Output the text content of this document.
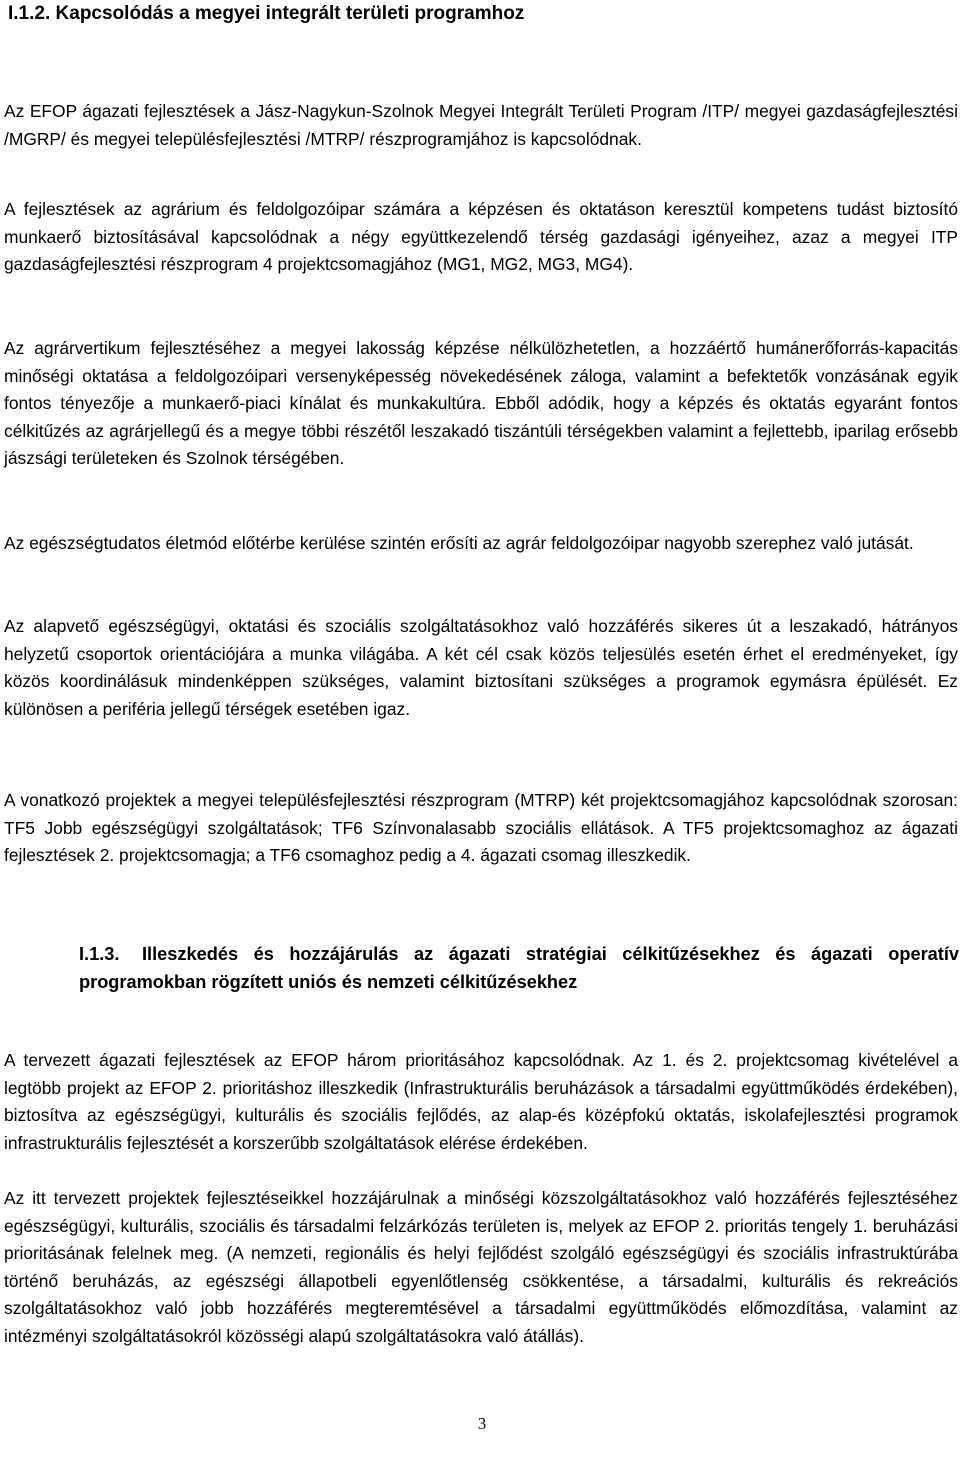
I.1.2. Kapcsolódás a megyei integrált területi programhoz

Az EFOP ágazati fejlesztések a Jász-Nagykun-Szolnok Megyei Integrált Területi Program /ITP/ megyei gazdaságfejlesztési /MGRP/ és megyei településfejlesztési /MTRP/ részprogramjához is kapcsolódnak.

A fejlesztések az agrárium és feldolgozóipar számára a képzésen és oktatáson keresztül kompetens tudást biztosító munkaerő biztosításával kapcsolódnak a négy együttkezelendő térség gazdasági igényeihez, azaz a megyei ITP gazdaságfejlesztési részprogram 4 projektcsomagjához (MG1, MG2, MG3, MG4).

Az agrárvertikum fejlesztéséhez a megyei lakosság képzése nélkülözhetetlen, a hozzáértő humánerőforrás-kapacitás minőségi oktatása a feldolgozóipari versenyképesség növekedésének záloga, valamint a befektetők vonzásának egyik fontos tényezője a munkaerő-piaci kínálat és munkakultúra. Ebből adódik, hogy a képzés és oktatás egyaránt fontos célkitűzés az agrárjellegű és a megye többi részétől leszakadó tiszántúli térségekben valamint a fejlettebb, iparilag erősebb jászsági területeken és Szolnok térségében.

Az egészségtudatos életmód előtérbe kerülése szintén erősíti az agrár feldolgozóipar nagyobb szerephez való jutását.

Az alapvető egészségügyi, oktatási és szociális szolgáltatásokhoz való hozzáférés sikeres út a leszakadó, hátrányos helyzetű csoportok orientációjára a munka világába. A két cél csak közös teljesülés esetén érhet el eredményeket, így közös koordinálásuk mindenképpen szükséges, valamint biztosítani szükséges a programok egymásra épülését. Ez különösen a periféria jellegű térségek esetében igaz.

A vonatkozó projektek a megyei településfejlesztési részprogram (MTRP) két projektcsomagjához kapcsolódnak szorosan: TF5 Jobb egészségügyi szolgáltatások; TF6 Színvonalasabb szociális ellátások. A TF5 projektcsomaghoz az ágazati fejlesztések 2. projektcsomagja; a TF6 csomaghoz pedig a 4. ágazati csomag illeszkedik.

I.1.3. Illeszkedés és hozzájárulás az ágazati stratégiai célkitűzésekhez és ágazati operatív programokban rögzített uniós és nemzeti célkitűzésekhez

A tervezett ágazati fejlesztések az EFOP három prioritásához kapcsolódnak. Az 1. és 2. projektcsomag kivételével a legtöbb projekt az EFOP 2. prioritáshoz illeszkedik (Infrastrukturális beruházások a társadalmi együttműködés érdekében), biztosítva az egészségügyi, kulturális és szociális fejlődés, az alap-és középfokú oktatás, iskolafejlesztési programok infrastrukturális fejlesztését a korszerűbb szolgáltatások elérése érdekében.

Az itt tervezett projektek fejlesztéseikkel hozzájárulnak a minőségi közszolgáltatásokhoz való hozzáférés fejlesztéséhez egészségügyi, kulturális, szociális és társadalmi felzárkózás területen is, melyek az EFOP 2. prioritás tengely 1. beruházási prioritásának felelnek meg. (A nemzeti, regionális és helyi fejlődést szolgáló egészségügyi és szociális infrastruktúrába történő beruházás, az egészségi állapotbeli egyenlőtlenség csökkentése, a társadalmi, kulturális és rekreációs szolgáltatásokhoz való jobb hozzáférés megteremtésével a társadalmi együttműködés előmozdítása, valamint az intézményi szolgáltatásokról közösségi alapú szolgáltatásokra való átállás).

3
